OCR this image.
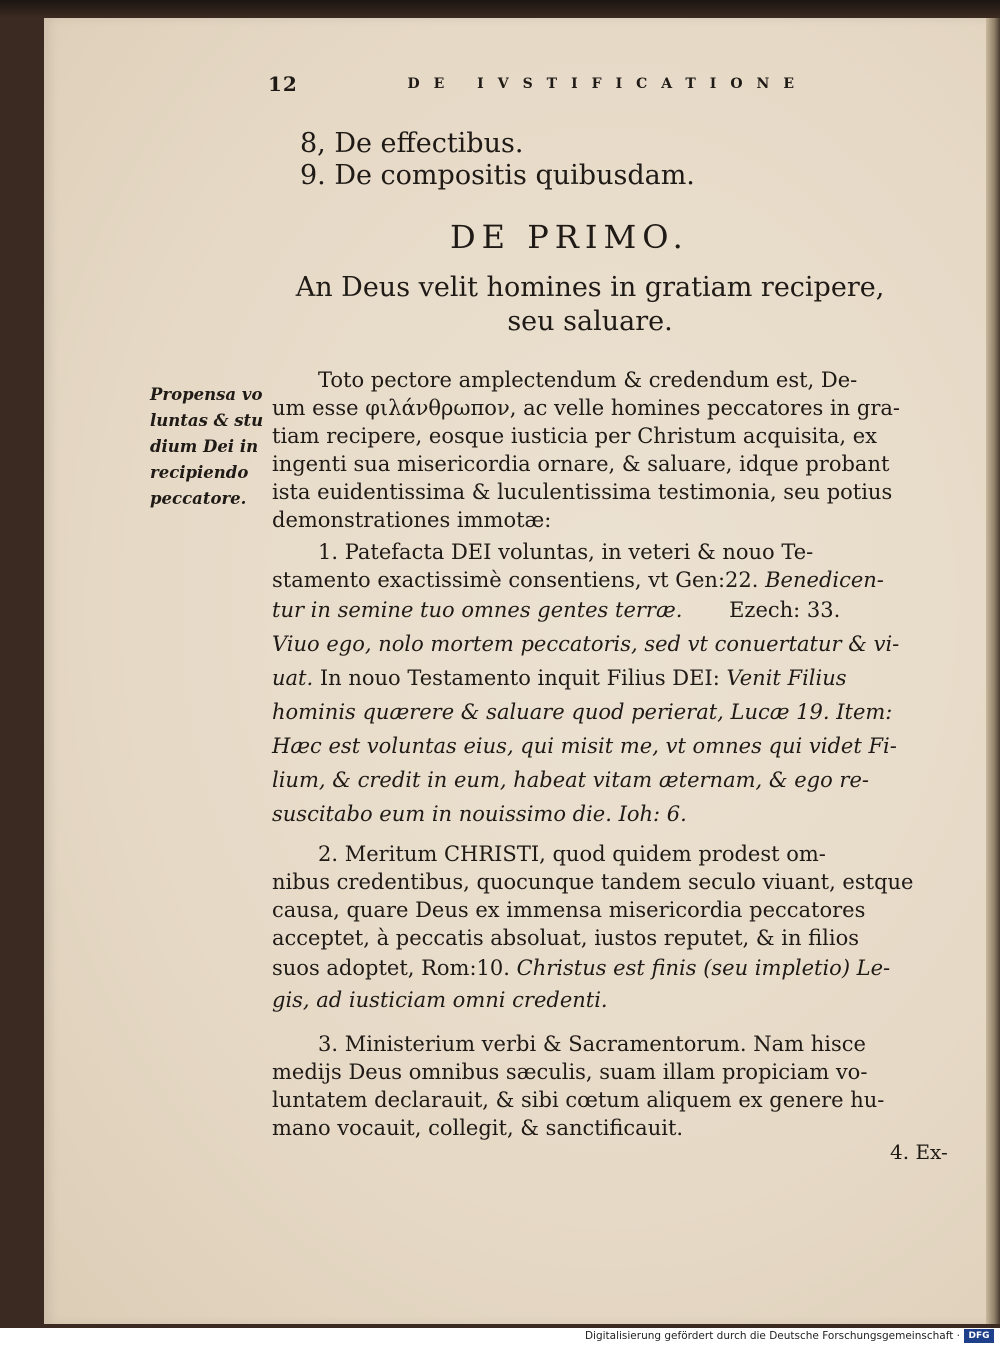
12	DE IVSTIFICATIONE
8, De effectibus.
9. De compositis quibusdam.
DE PRIMO.
An Deus velit homines in gratiam recipere,
seu saluare.
Propensa vo
luntas & stu
dium Dei in
recipiendo
peccatore.
Toto pectore amplectendum & credendum est, De-
um esse φιλάνθρωπον, ac velle homines peccatores in gra-
tiam recipere, eosque iusticia per Christum acquisita, ex
ingenti sua misericordia ornare, & saluare, idque probant
ista euidentissima & luculentissima testimonia, seu potius
demonstrationes immotæ:
1. Patefacta DEI voluntas, in veteri & nouo Te-
stamento exactissimè consentiens, vt Gen:22. Benedicen-
tur in semine tuo omnes gentes terræ. Ezech: 33.
Viuo ego, nolo mortem peccatoris, sed vt conuertatur & vi-
uat. In nouo Testamento inquit Filius DEI: Venit Filius
hominis quærere & saluare quod perierat, Lucæ 19. Item:
Hæc est voluntas eius, qui misit me, vt omnes qui videt Fi-
lium, & credit in eum, habeat vitam æternam, & ego re-
suscitabo eum in nouissimo die. Ioh: 6.
2. Meritum CHRISTI, quod quidem prodest om-
nibus credentibus, quocunque tandem seculo viuant, estque
causa, quare Deus ex immensa misericordia peccatores
acceptet, à peccatis absoluat, iustos reputet, & in filios
suos adoptet, Rom:10. Christus est finis (seu impletio) Le-
gis, ad iusticiam omni credenti.
3. Ministerium verbi & Sacramentorum. Nam hisce
medijs Deus omnibus sæculis, suam illam propiciam vo-
luntatem declarauit, & sibi cœtum aliquem ex genere hu-
mano vocauit, collegit, & sanctificauit.
4. Ex-
Digitalisierung gefördert durch die Deutsche Forschungsgemeinschaft · DFG
